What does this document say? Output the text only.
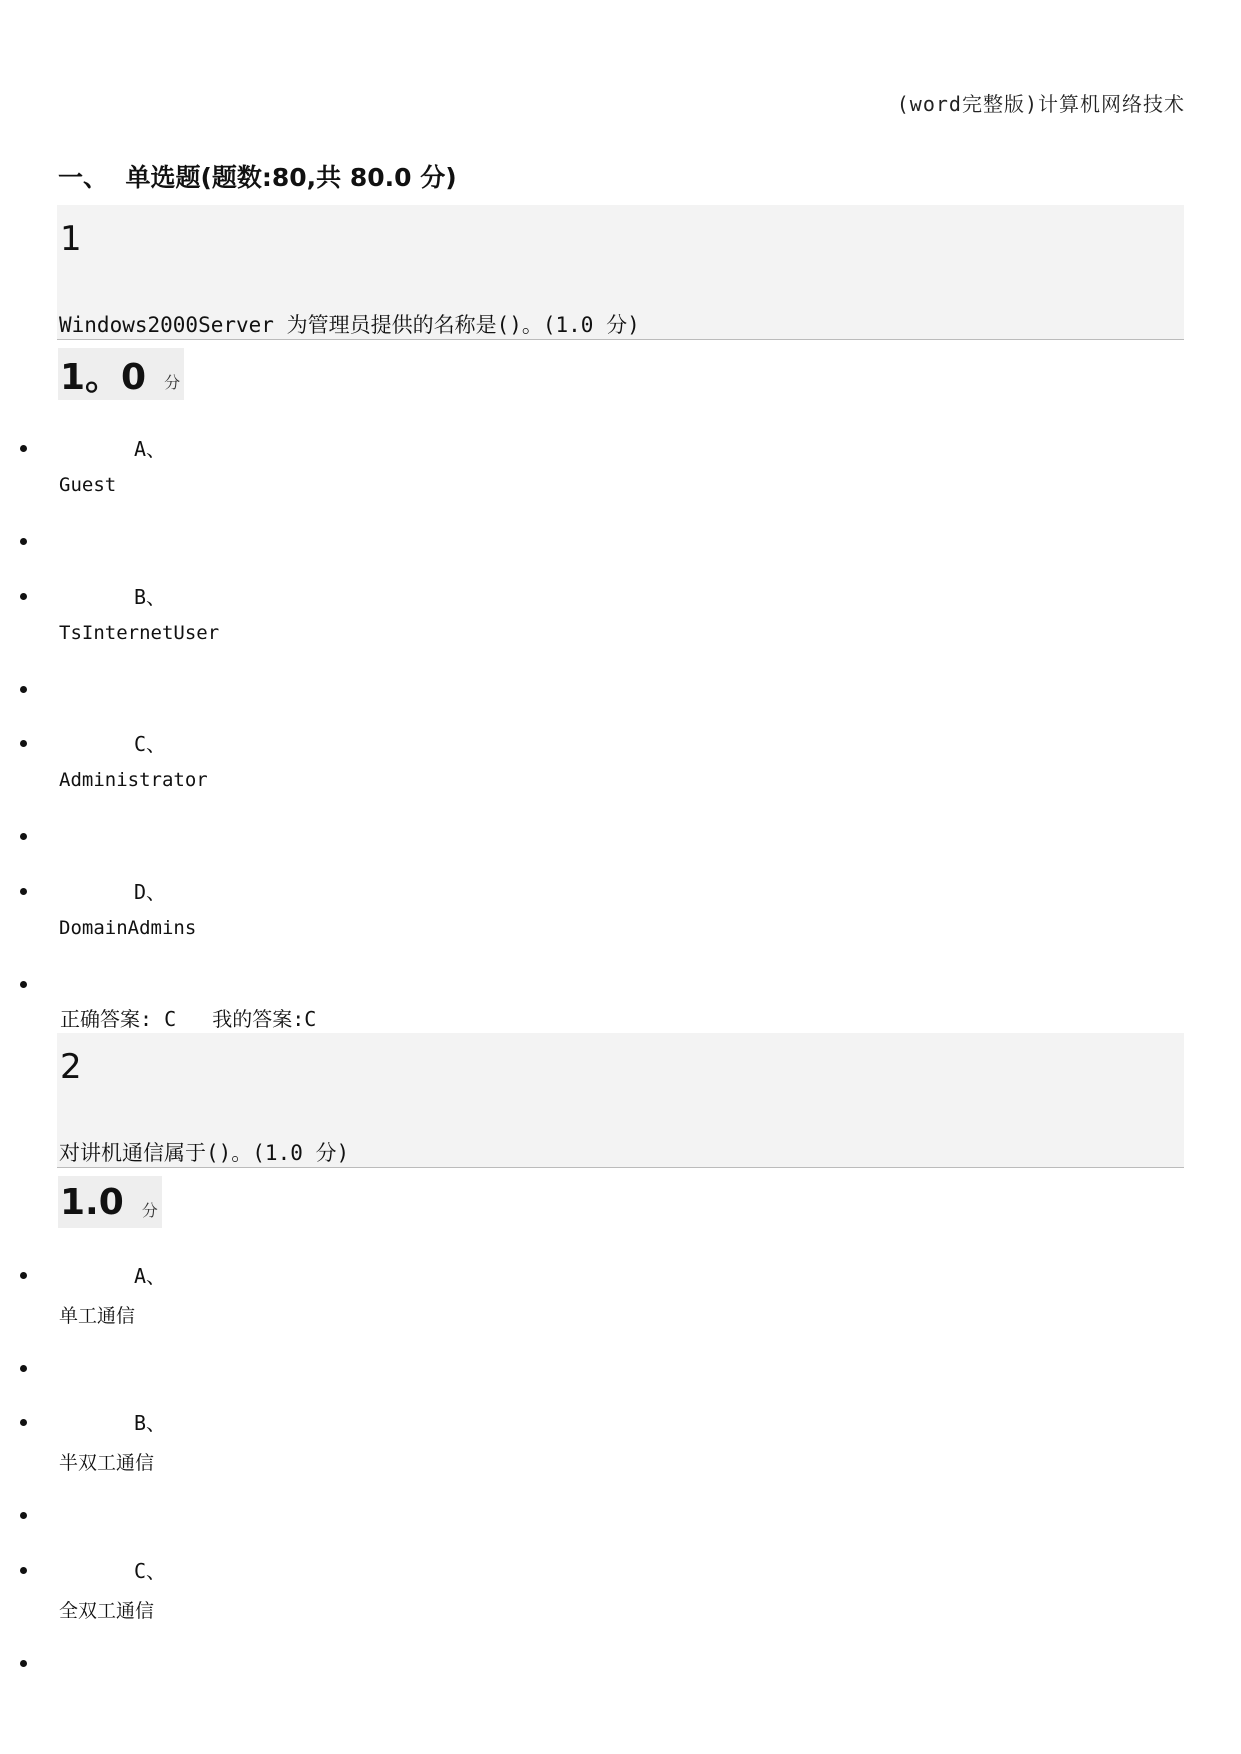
(word完整版)计算机网络技术
一、 单选题(题数:80,共 80.0 分)
1
Windows2000Server 为管理员提供的名称是()。(1.0 分)
1。0 分
A、
Guest
B、
TsInternetUser
C、
Administrator
D、
DomainAdmins
正确答案: C   我的答案:C
2
对讲机通信属于()。(1.0 分)
1.0 分
A、
单工通信
B、
半双工通信
C、
全双工通信
